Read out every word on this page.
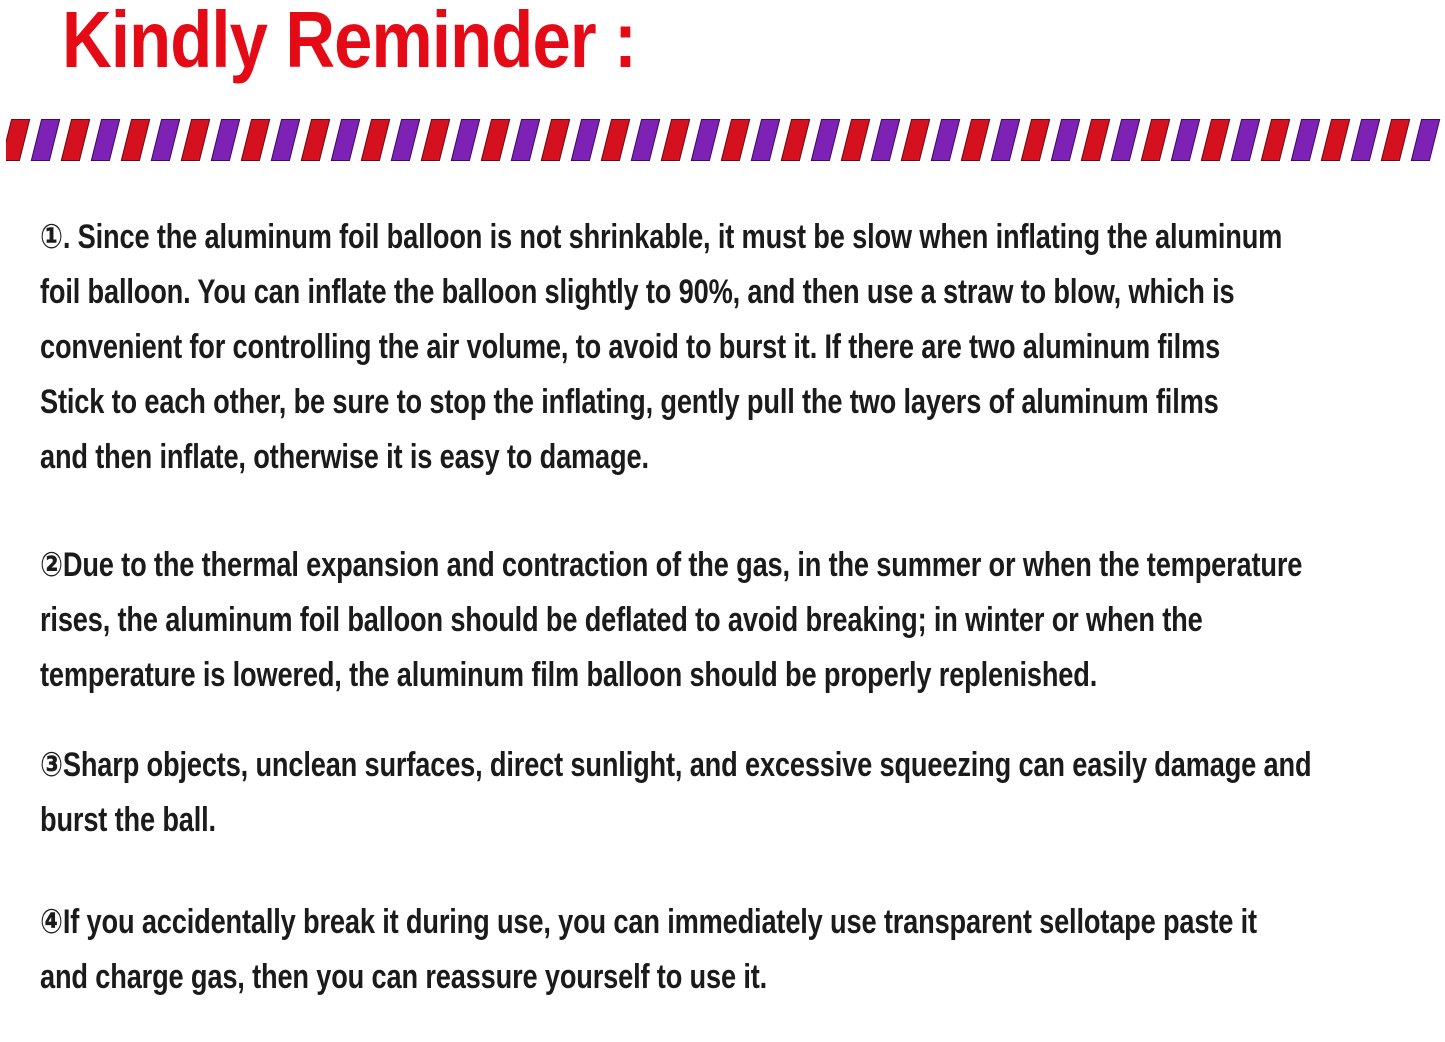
Kindly Reminder :
①. Since the aluminum foil balloon is not shrinkable, it must be slow when inflating the aluminum
foil balloon. You can inflate the balloon slightly to 90%, and then use a straw to blow, which is
convenient for controlling the air volume, to avoid to burst it. If there are two aluminum films
Stick to each other, be sure to stop the inflating, gently pull the two layers of aluminum films
and then inflate, otherwise it is easy to damage.
②Due to the thermal expansion and contraction of the gas, in the summer or when the temperature
rises, the aluminum foil balloon should be deflated to avoid breaking; in winter or when the
temperature is lowered, the aluminum film balloon should be properly replenished.
③Sharp objects, unclean surfaces, direct sunlight, and excessive squeezing can easily damage and
burst the ball.
④If you accidentally break it during use, you can immediately use transparent sellotape paste it
and charge gas, then you can reassure yourself to use it.
